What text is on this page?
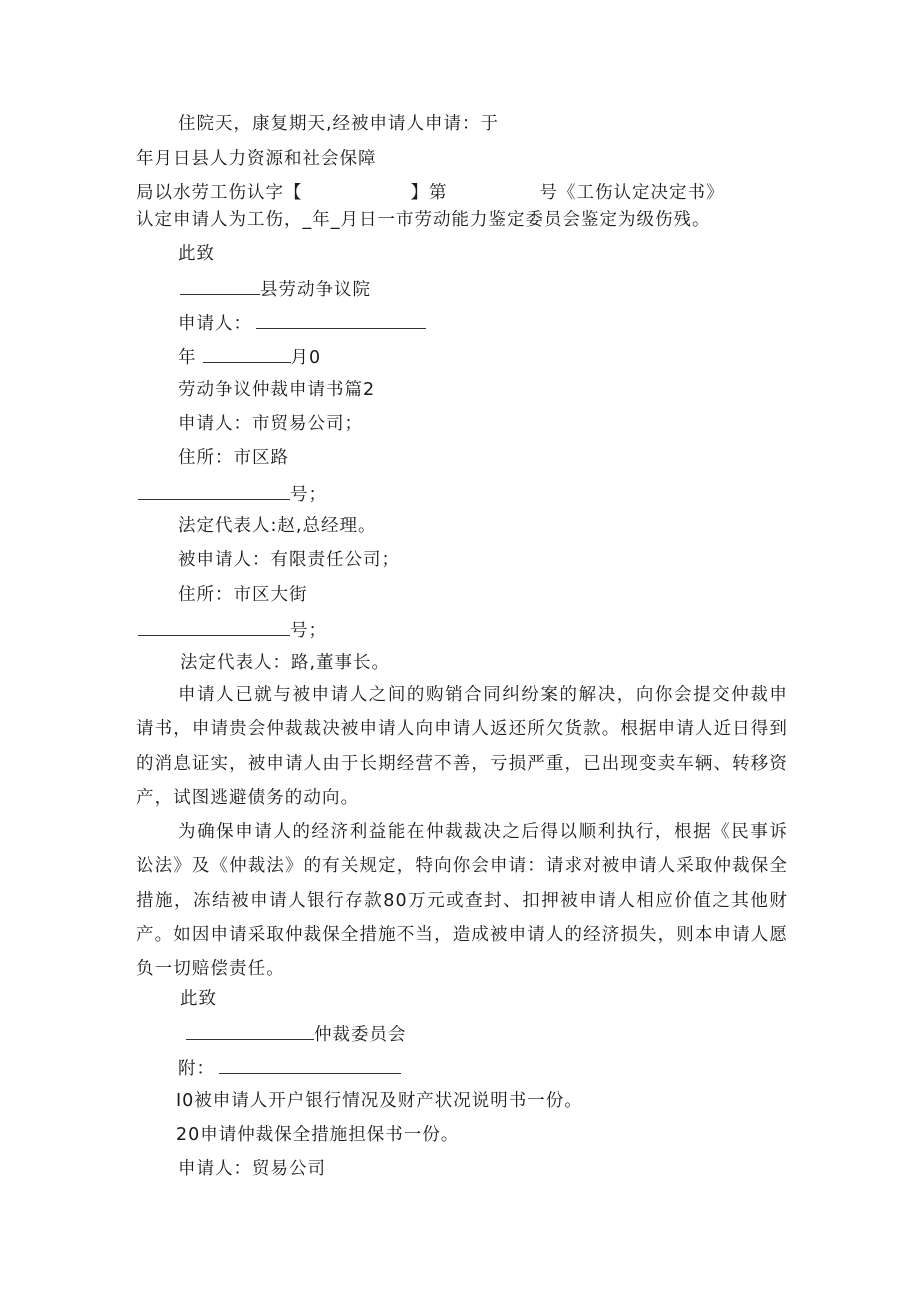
住院天，康复期天,经被申请人申请：于
年月日县人力资源和社会保障
局以水劳工伤认字【	】第	号《工伤认定决定书》
认定申请人为工伤，_年_月日一市劳动能力鉴定委员会鉴定为级伤残。
此致
县劳动争议院
申请人：
年	月0
劳动争议仲裁申请书篇2
申请人：市贸易公司；
住所：市区路
号；
法定代表人:赵,总经理。
被申请人：有限责任公司；
住所：市区大街
号；
法定代表人：路,董事长。
申请人已就与被申请人之间的购销合同纠纷案的解决，向你会提交仲裁申请书，申请贵会仲裁裁决被申请人向申请人返还所欠货款。根据申请人近日得到的消息证实，被申请人由于长期经营不善，亏损严重，已出现变卖车辆、转移资产，试图逃避债务的动向。
为确保申请人的经济利益能在仲裁裁决之后得以顺利执行，根据《民事诉讼法》及《仲裁法》的有关规定，特向你会申请：请求对被申请人采取仲裁保全措施，冻结被申请人银行存款80万元或查封、扣押被申请人相应价值之其他财产。如因申请采取仲裁保全措施不当，造成被申请人的经济损失，则本申请人愿负一切赔偿责任。
此致
仲裁委员会
附：
I0被申请人开户银行情况及财产状况说明书一份。
20申请仲裁保全措施担保书一份。
申请人：贸易公司
